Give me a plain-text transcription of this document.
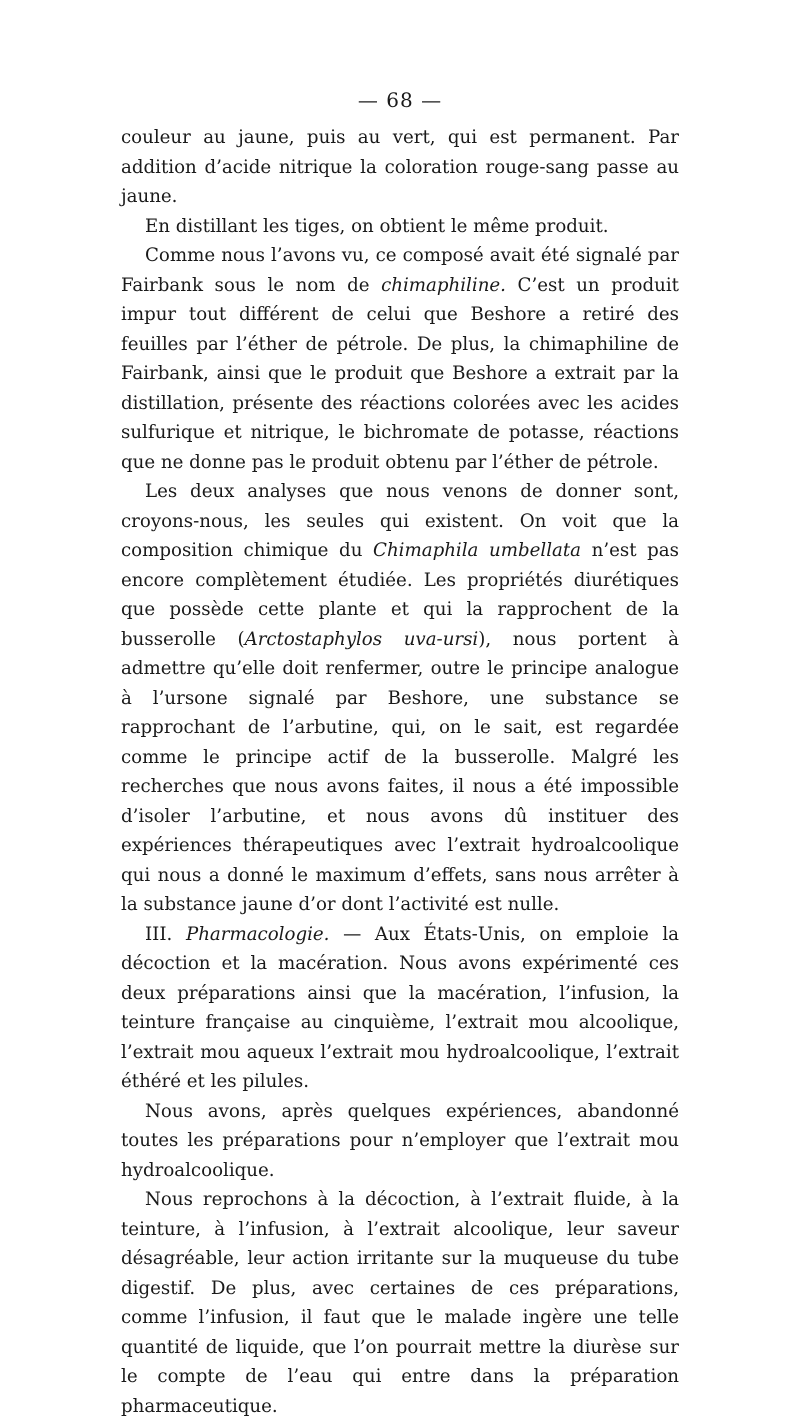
— 68 —

couleur au jaune, puis au vert, qui est permanent. Par addition d’acide nitrique la coloration rouge-sang passe au jaune.

En distillant les tiges, on obtient le même produit.

Comme nous l’avons vu, ce composé avait été signalé par Fairbank sous le nom de chimaphiline. C’est un produit impur tout différent de celui que Beshore a retiré des feuilles par l’éther de pétrole. De plus, la chimaphiline de Fairbank, ainsi que le produit que Beshore a extrait par la distillation, présente des réactions colorées avec les acides sulfurique et nitrique, le bichromate de potasse, réactions que ne donne pas le produit obtenu par l’éther de pétrole.

Les deux analyses que nous venons de donner sont, croyons-nous, les seules qui existent. On voit que la composition chimique du Chimaphila umbellata n’est pas encore complètement étudiée. Les propriétés diurétiques que possède cette plante et qui la rapprochent de la busserolle (Arctostaphylos uva-ursi), nous portent à admettre qu’elle doit renfermer, outre le principe analogue à l’ursone signalé par Beshore, une substance se rapprochant de l’arbutine, qui, on le sait, est regardée comme le principe actif de la busserolle. Malgré les recherches que nous avons faites, il nous a été impossible d’isoler l’arbutine, et nous avons dû instituer des expériences thérapeutiques avec l’extrait hydroalcoolique qui nous a donné le maximum d’effets, sans nous arrêter à la substance jaune d’or dont l’activité est nulle.

III. Pharmacologie. — Aux États-Unis, on emploie la décoction et la macération. Nous avons expérimenté ces deux préparations ainsi que la macération, l’infusion, la teinture française au cinquième, l’extrait mou alcoolique, l’extrait mou aqueux l’extrait mou hydroalcoolique, l’extrait éthéré et les pilules.

Nous avons, après quelques expériences, abandonné toutes les préparations pour n’employer que l’extrait mou hydroalcoolique.

Nous reprochons à la décoction, à l’extrait fluide, à la teinture, à l’infusion, à l’extrait alcoolique, leur saveur désagréable, leur action irritante sur la muqueuse du tube digestif. De plus, avec certaines de ces préparations, comme l’infusion, il faut que le malade ingère une telle quantité de liquide, que l’on pourrait mettre la diurèse sur le compte de l’eau qui entre dans la préparation pharmaceutique.
